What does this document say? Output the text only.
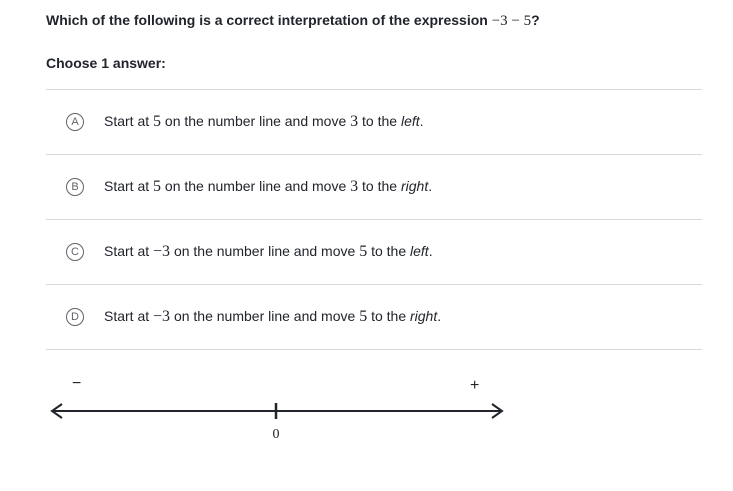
Which of the following is a correct interpretation of the expression −3 − 5?
Choose 1 answer:
A	Start at 5 on the number line and move 3 to the left.
B	Start at 5 on the number line and move 3 to the right.
C	Start at −3 on the number line and move 5 to the left.
D	Start at −3 on the number line and move 5 to the right.
−	+
0
